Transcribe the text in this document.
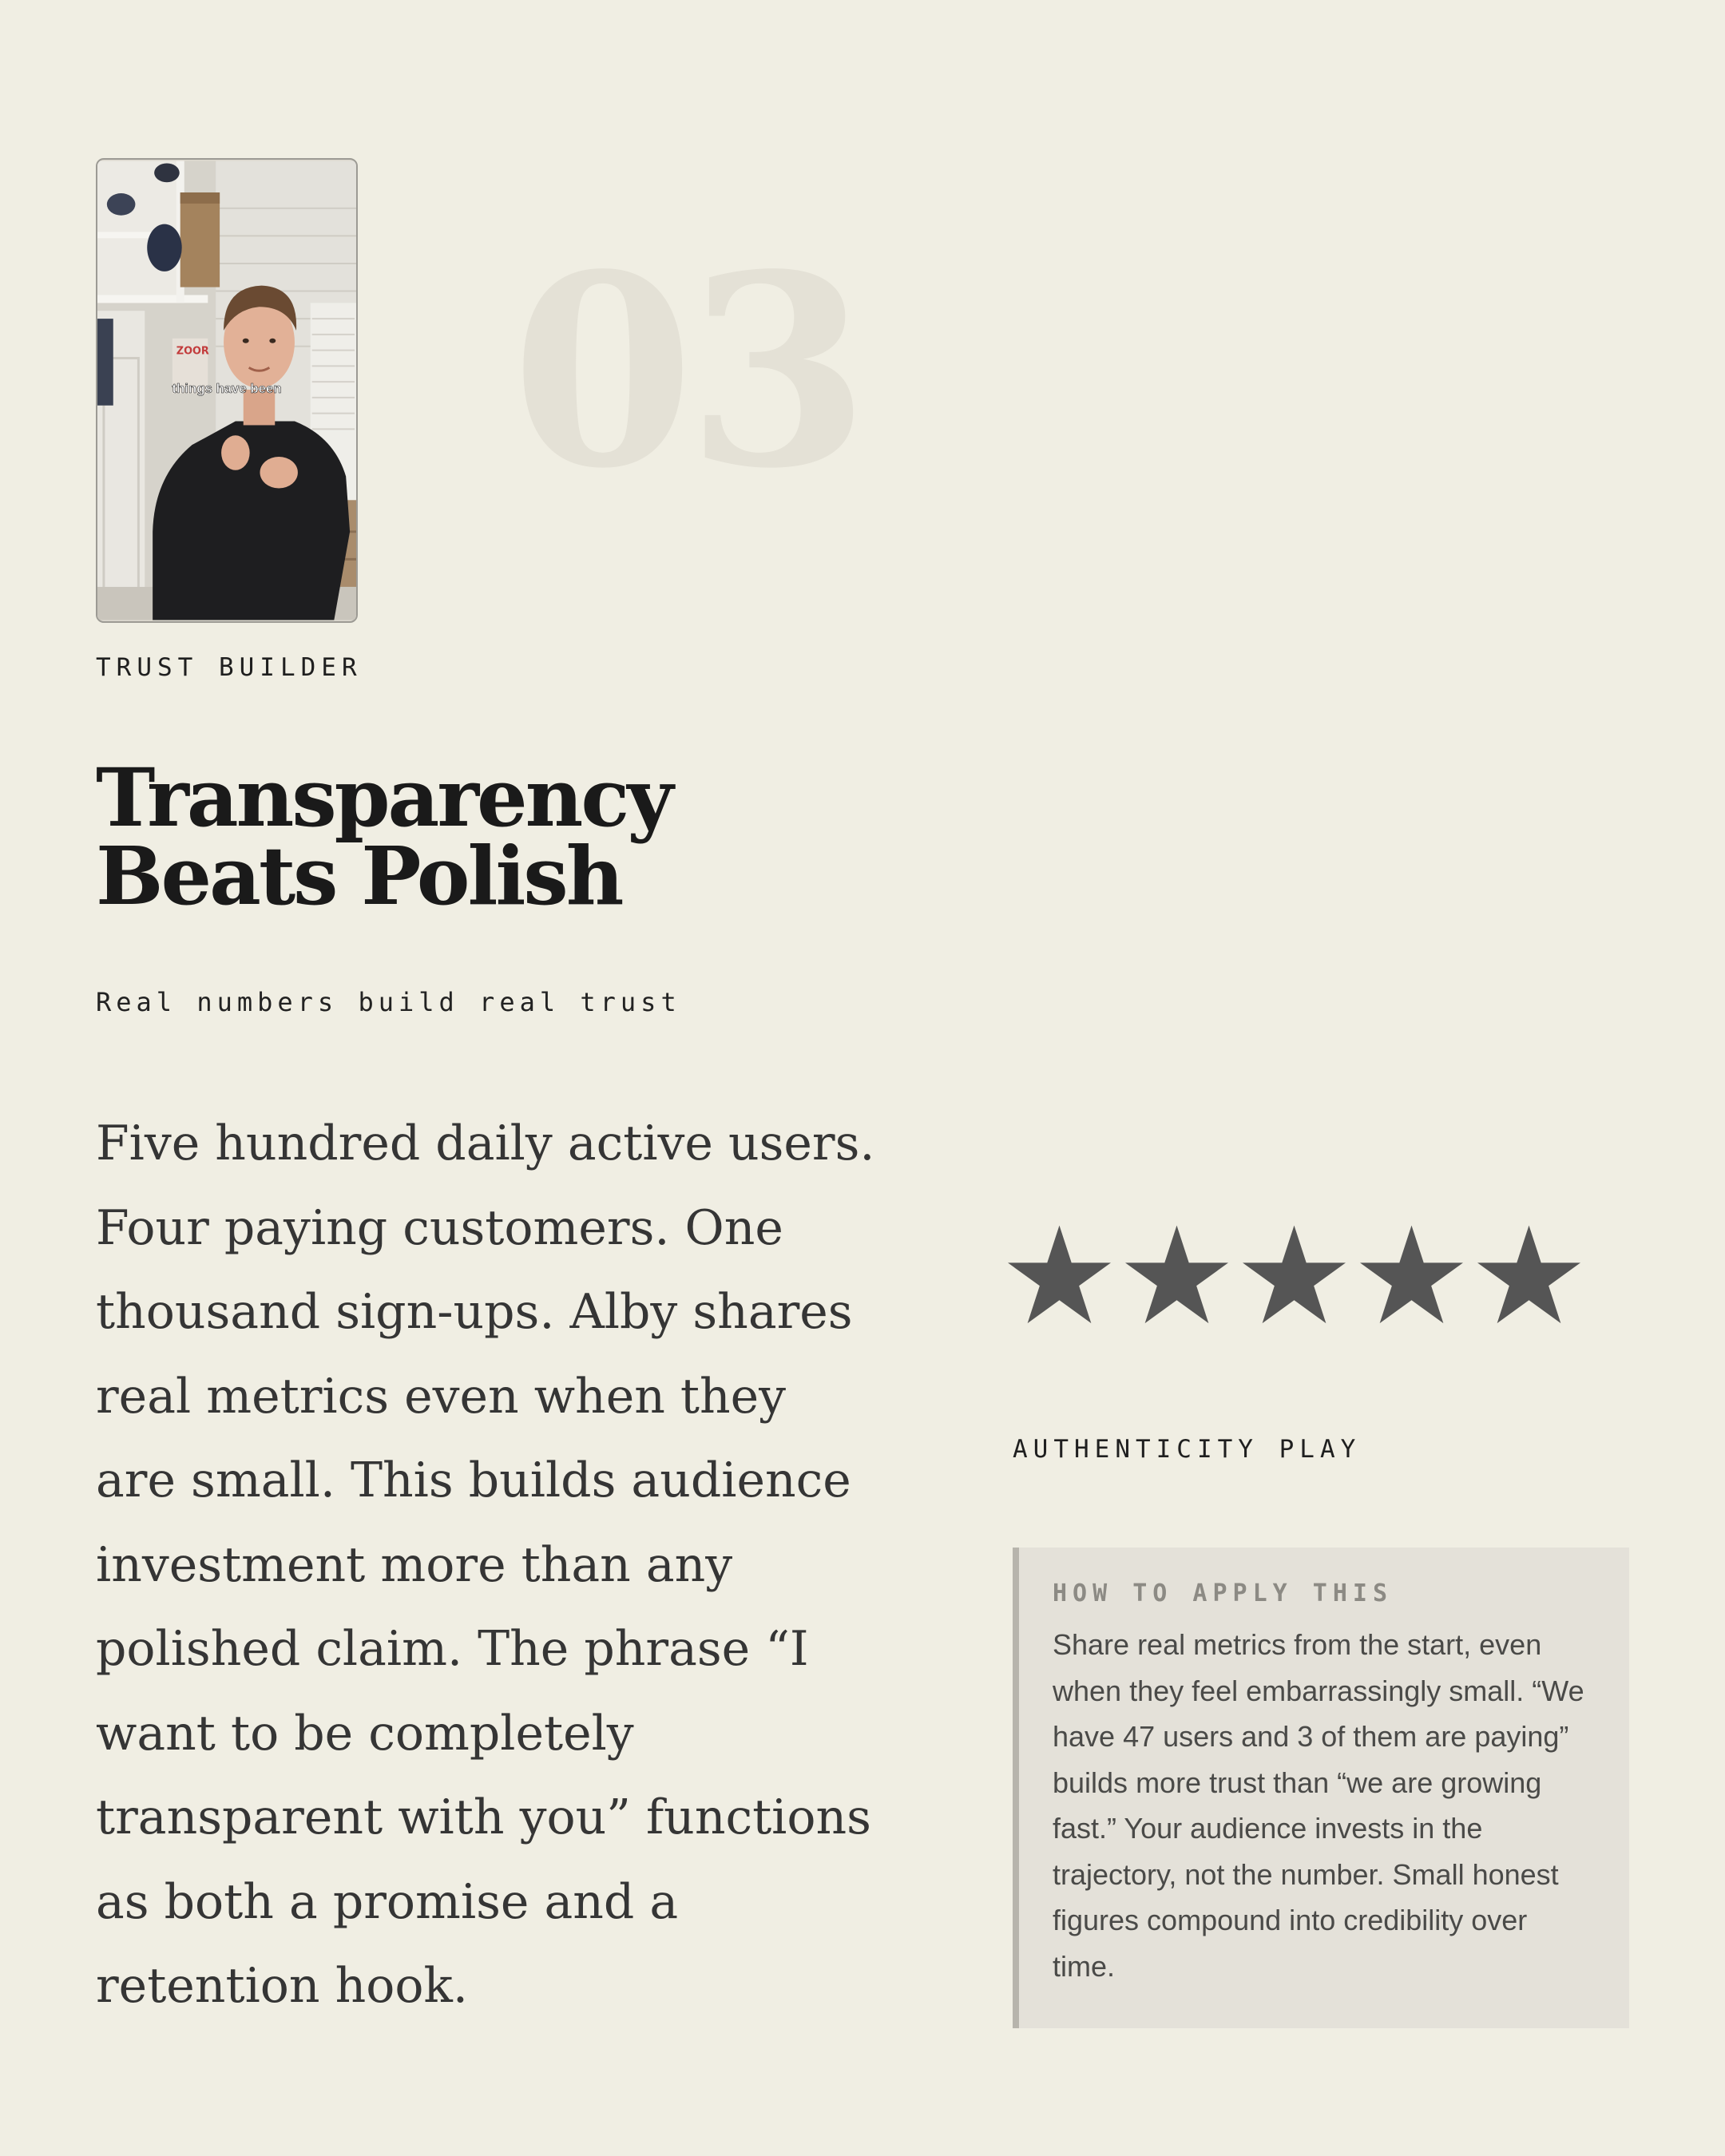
ZOOR
things have been 03
TRUST BUILDER
Transparency Beats Polish
Real numbers build real trust

Five hundred daily active users. Four paying customers. One thousand sign-ups. Alby shares real metrics even when they are small. This builds audience investment more than any polished claim. The phrase “I want to be completely transparent with you” functions as both a promise and a retention hook.

AUTHENTICITY PLAY
HOW TO APPLY THIS

Share real metrics from the start, even when they feel embarrassingly small. “We have 47 users and 3 of them are paying” builds more trust than “we are growing fast.” Your audience invests in the trajectory, not the number. Small honest figures compound into credibility over time.
